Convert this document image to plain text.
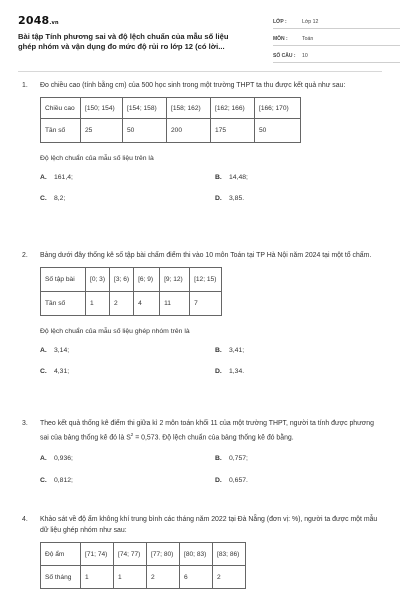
2048.vn
Bài tập Tính phương sai và độ lệch chuẩn của mẫu số liệu ghép nhóm và vận dụng đo mức độ rủi ro lớp 12 (có lời...
LỚP :	Lớp 12
MÔN :	Toán
SỐ CÂU :	10
1.	Đo chiều cao (tính bằng cm) của 500 học sinh trong một trường THPT ta thu được kết quả như sau:
Chiều cao	[150; 154)	[154; 158)	[158; 162)	[162; 166)	[166; 170)
Tần số	25	50	200	175	50
Độ lệch chuẩn của mẫu số liệu trên là
A.	161,4;	B.	14,48;
C.	8,2;	D.	3,85.
2.	Bảng dưới đây thống kê số tập bài chấm điểm thi vào 10 môn Toán tại TP Hà Nội năm 2024 tại một tổ chấm.
Số tập bài	[0; 3)	[3; 6)	[6; 9)	[9; 12)	[12; 15)
Tần số	1	2	4	11	7
Độ lệch chuẩn của mẫu số liệu ghép nhóm trên là
A.	3,14;	B.	3,41;
C.	4,31;	D.	1,34.
3.	Theo kết quả thống kê điểm thi giữa kì 2 môn toán khối 11 của một trường THPT, người ta tính được phương sai của bảng thống kê đó là $S^2 = 0,573$. Độ lệch chuẩn của bảng thống kê đó bằng.
A.	0,936;	B.	0,757;
C.	0,812;	D.	0,657.
4.	Khảo sát về độ ẩm không khí trung bình các tháng năm 2022 tại Đà Nẵng (đơn vị: %), người ta được một mẫu dữ liệu ghép nhóm như sau:
Độ ẩm	[71; 74)	[74; 77)	[77; 80)	[80; 83)	[83; 86)
Số tháng	1	1	2	6	2
